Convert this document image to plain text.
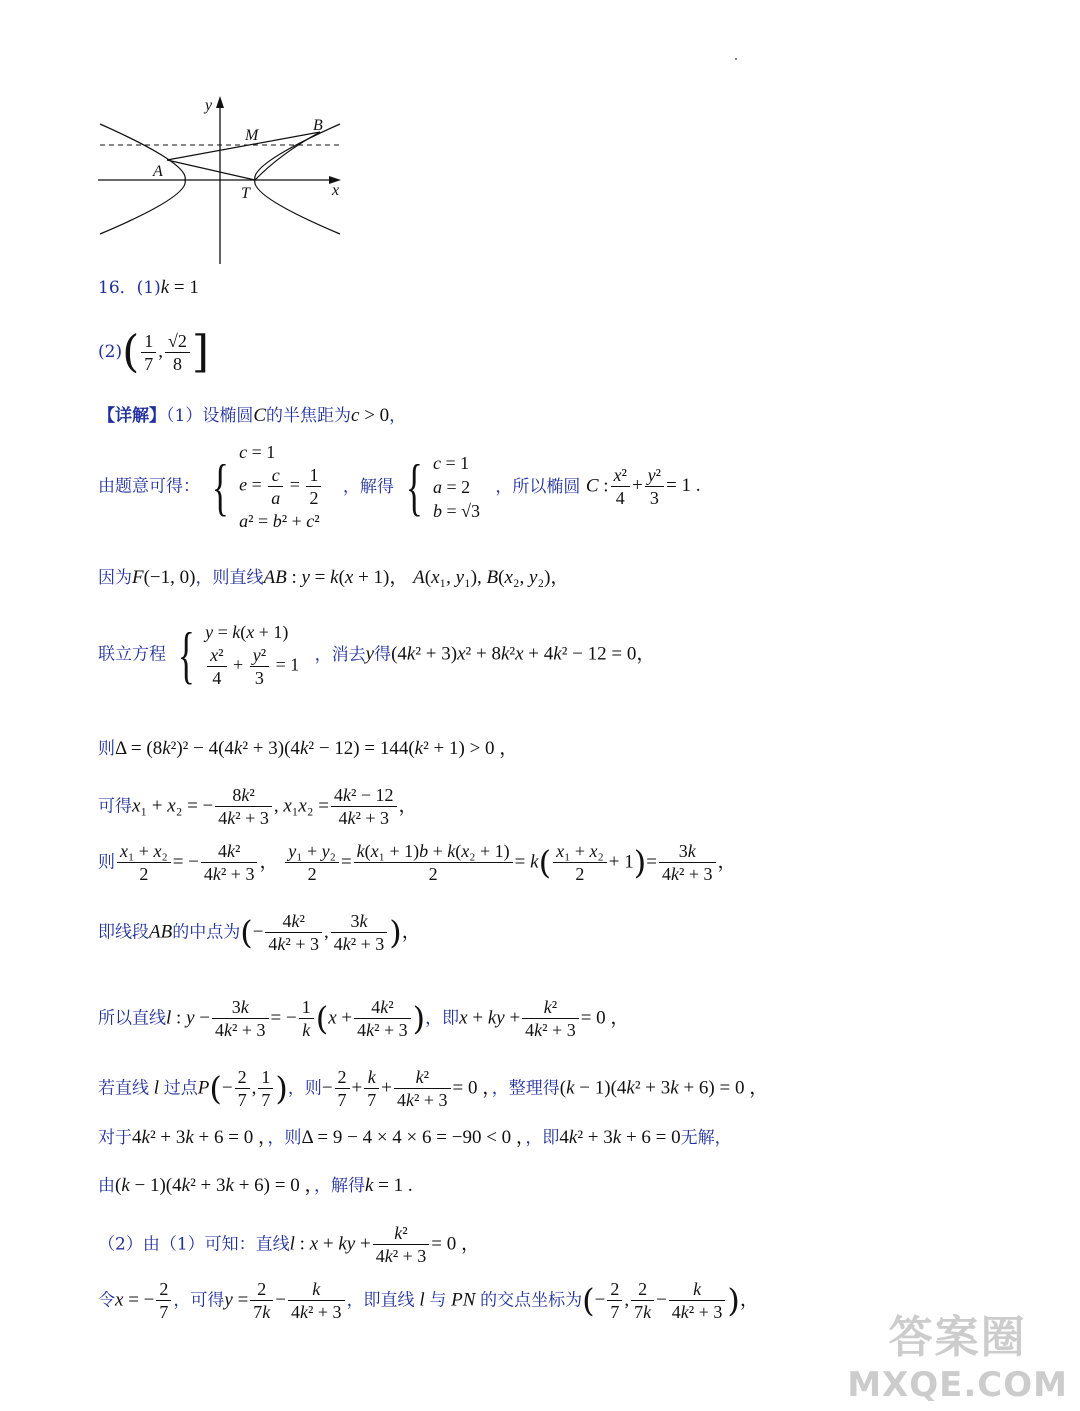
y
M
B
A
T	x
16．(1)k = 1
$(2)( \frac{1}{7}$ , $\frac{√2}{8}$ ]
【详解】（1）设椭圆C的半焦距为c > 0，
由题意可得： { c = 1
$e = \frac{c}{a} = \frac{1}{2}$
a² = b² + c²
，解得 { c = 1
a = 2
b = √3
，所以椭圆 C : $\frac{\text{x²}}{4} + \frac{\text{y²}}{3} = 1$ .
因为F(−1, 0)，则直线AB : y = k(x + 1)， A(x₁, y₁), B(x₂, y₂)，
联立方程 { y = k(x + 1)
$\frac{\text{x²}}{4} + \frac{\text{y²}}{3} = 1$
，消去y得(4k² + 3)x² + 8k²x + 4k² − 12 = 0，
则Δ = (8k²)² − 4(4k² + 3)(4k² − 12) = 144(k² + 1) > 0 ，
可得x₁ + x₂ = − $\frac{\text{8k²}}{\text{4k² + 3}}$ , $x_1x_2 = \frac{\text{4k² − 12}}{\text{4k² + 3}}$ ，
则 $\frac{\text{x₁ + x₂}}{2}$ = − $\frac{\text{4k²}}{\text{4k² + 3}}$ ， $\frac{\text{y₁ + y₂}}{2} = \frac{\text{k(x₁ + 1)b + k(x₂ + 1)}}{2} = k( \frac{\text{x₁ + x₂}}{2} + 1)= \frac{3k}{\text{4k² + 3}}$ ，
即线段AB的中点为(− $\frac{\text{4k²}}{\text{4k² + 3}}$ , $\frac{3k}{\text{4k² + 3}}$ )，
所以直线l : $y - \frac{3k}{\text{4k² + 3}}$ = − $\frac{1}{k} (x + \frac{\text{4k²}}{\text{4k² + 3}}$ )，即x + ky + $\frac{\text{k²}}{\text{4k² + 3}} = 0$ ，
若直线 l 过点$P(- \frac{2}{7}$ , $\frac{1}{7}$ )，则− $\frac{2}{7} + \frac{k}{7} + \frac{\text{k²}}{\text{4k² + 3}} = 0$ ，，整理得(k − 1)(4k² + 3k + 6) = 0 ，
对于4k² + 3k + 6 = 0 ，，则Δ = 9 − 4 × 4 × 6 = −90 < 0 ，，即4k² + 3k + 6 = 0无解，
由(k − 1)(4k² + 3k + 6) = 0 ，，解得k = 1 .
（2）由（1）可知：直线l : x + ky + $\frac{\text{k²}}{\text{4k² + 3}} = 0$ ，
令x = − $\frac{2}{7}$ ，可得$y = \frac{2}{7k} - \frac{k}{\text{4k² + 3}}$ ，即直线 l 与 PN 的交点坐标为(− $\frac{2}{7}$ , $\frac{2}{7k} - \frac{k}{\text{4k² + 3}}$ )，
答案圈
MXQE.COM
